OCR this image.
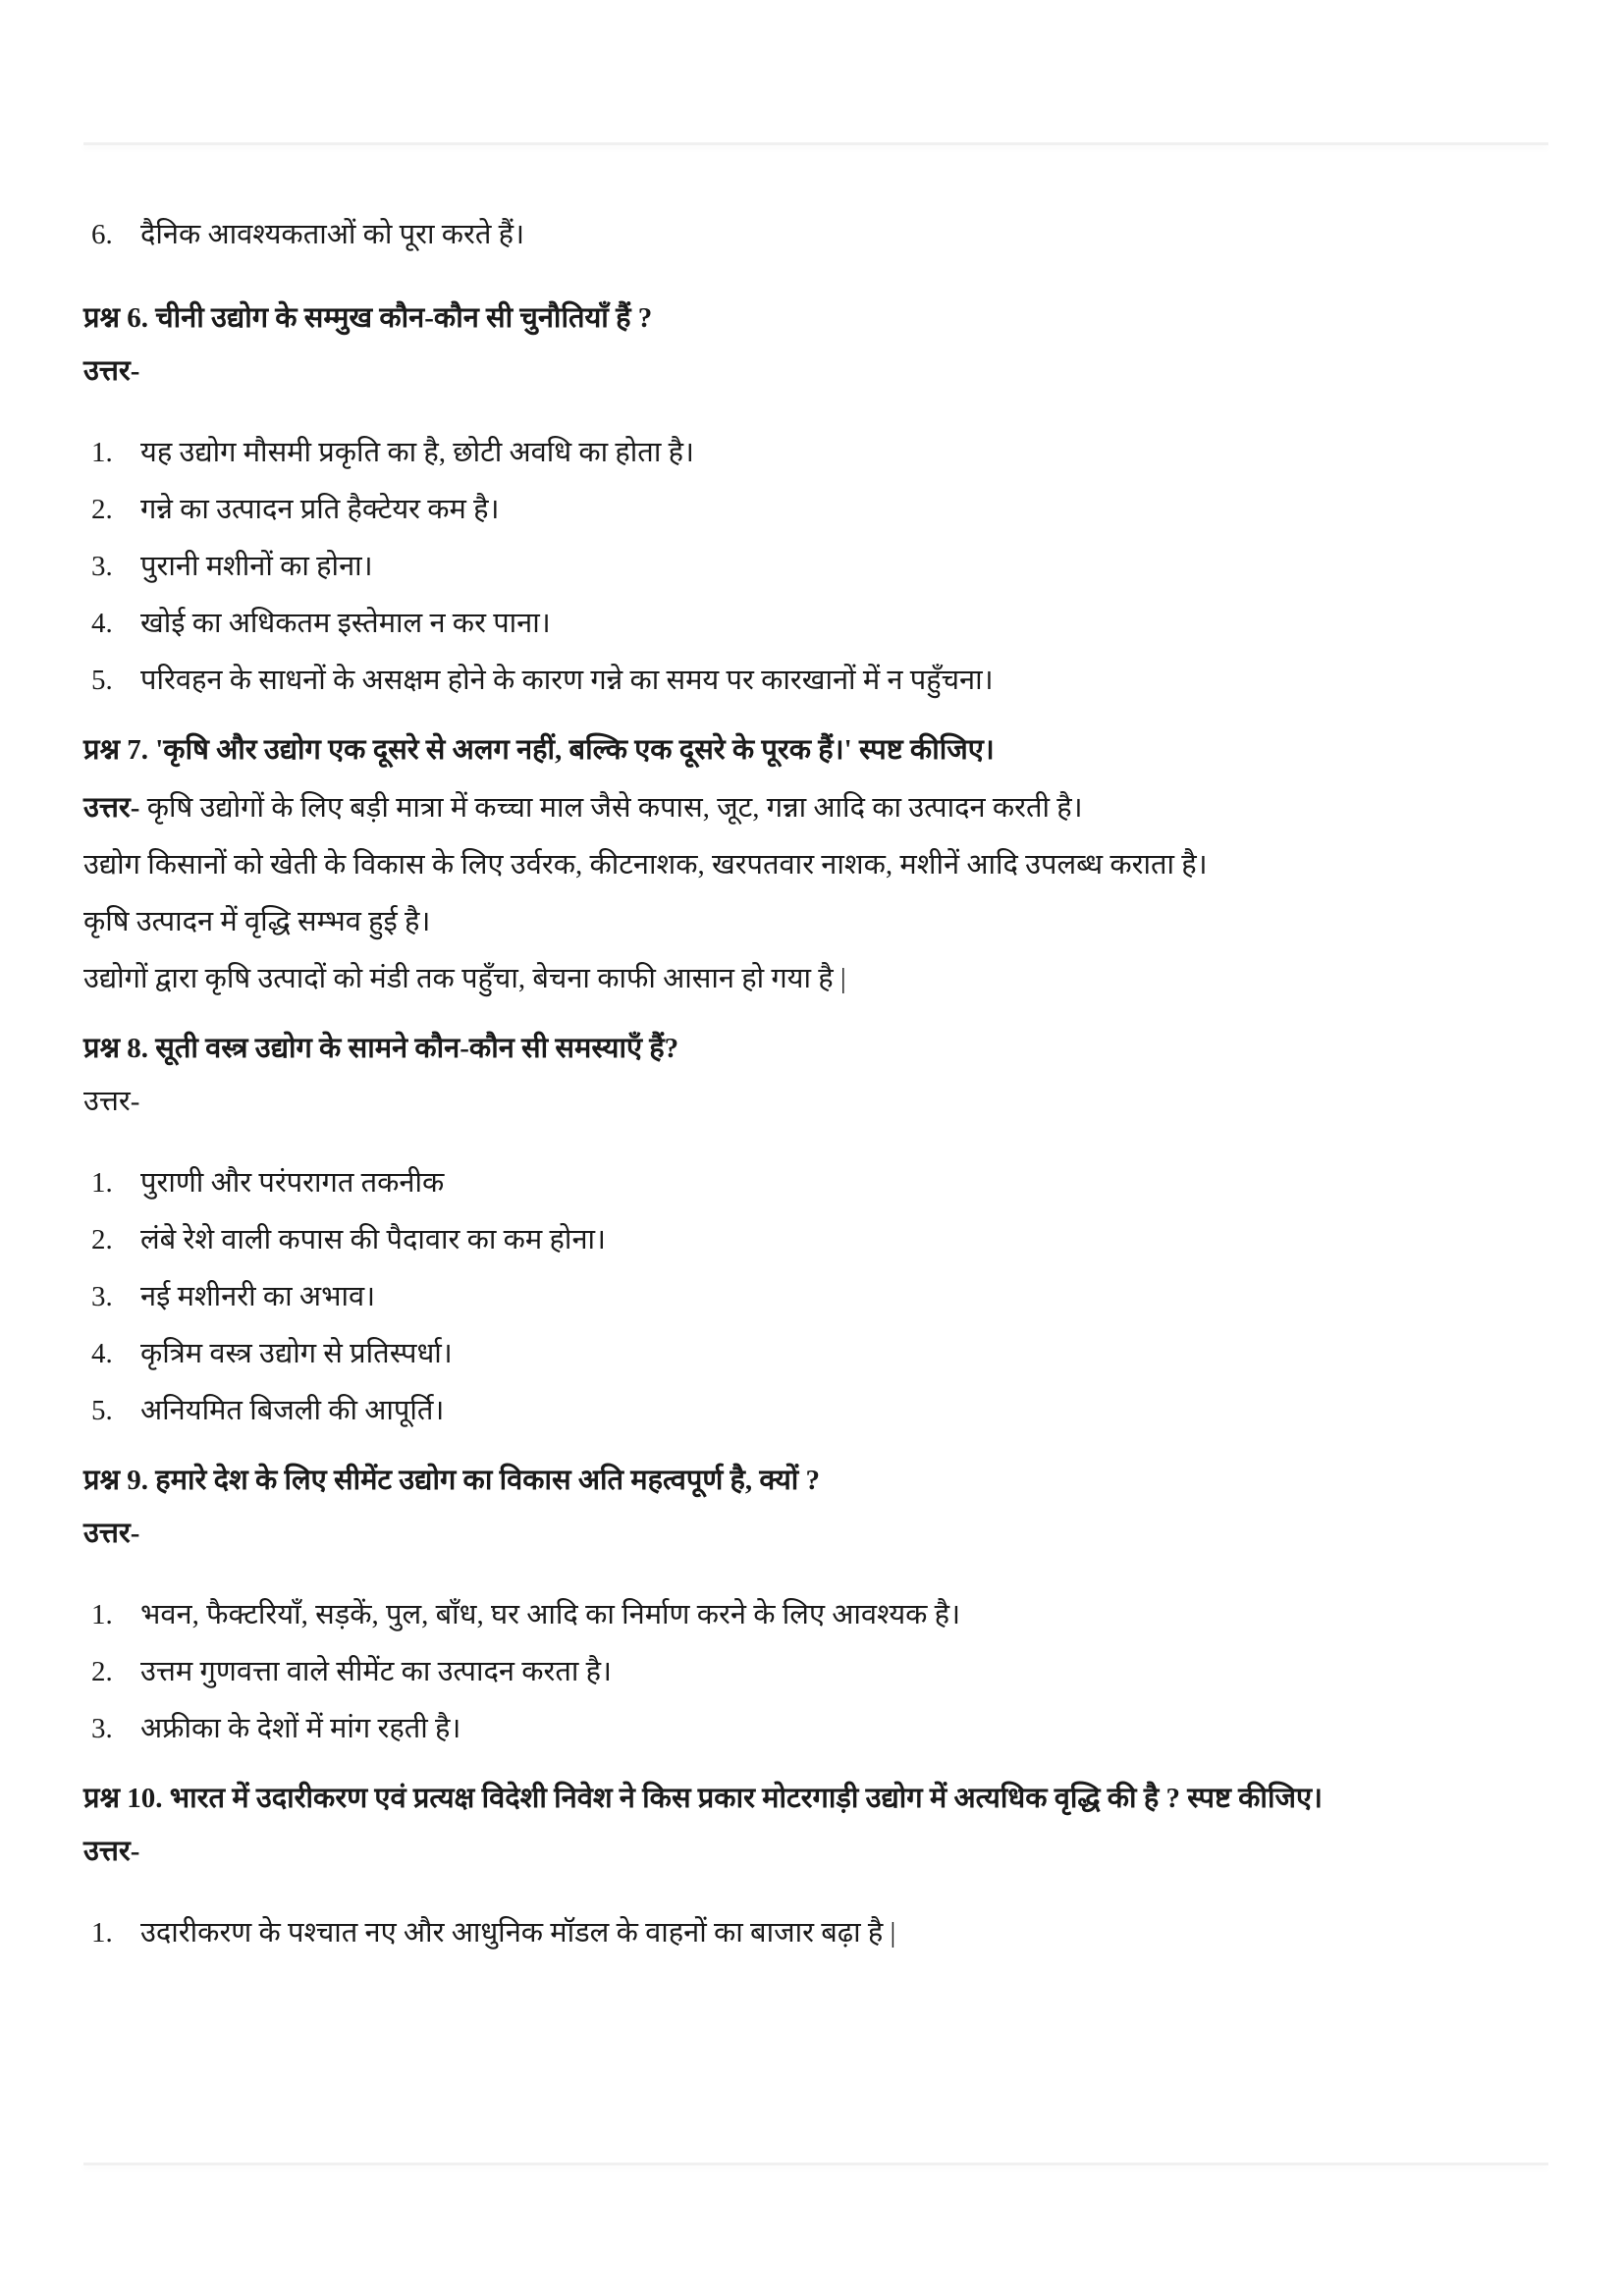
6. दैनिक आवश्यकताओं को पूरा करते हैं।

प्रश्न 6. चीनी उद्योग के सम्मुख कौन-कौन सी चुनौतियाँ हैं ?

उत्तर-

1. यह उद्योग मौसमी प्रकृति का है, छोटी अवधि का होता है।
2. गन्ने का उत्पादन प्रति हैक्टेयर कम है।
3. पुरानी मशीनों का होना।
4. खोई का अधिकतम इस्तेमाल न कर पाना।
5. परिवहन के साधनों के असक्षम होने के कारण गन्ने का समय पर कारखानों में न पहुँचना।

प्रश्न 7. 'कृषि और उद्योग एक दूसरे से अलग नहीं, बल्कि एक दूसरे के पूरक हैं।' स्पष्ट कीजिए।

उत्तर- कृषि उद्योगों के लिए बड़ी मात्रा में कच्चा माल जैसे कपास, जूट, गन्ना आदि का उत्पादन करती है।

उद्योग किसानों को खेती के विकास के लिए उर्वरक, कीटनाशक, खरपतवार नाशक, मशीनें आदि उपलब्ध कराता है।

कृषि उत्पादन में वृद्धि सम्भव हुई है।

उद्योगों द्वारा कृषि उत्पादों को मंडी तक पहुँचा, बेचना काफी आसान हो गया है |

प्रश्न 8. सूती वस्त्र उद्योग के सामने कौन-कौन सी समस्याएँ हैं?

उत्तर-

1. पुराणी और परंपरागत तकनीक
2. लंबे रेशे वाली कपास की पैदावार का कम होना।
3. नई मशीनरी का अभाव।
4. कृत्रिम वस्त्र उद्योग से प्रतिस्पर्धा।
5. अनियमित बिजली की आपूर्ति।

प्रश्न 9. हमारे देश के लिए सीमेंट उद्योग का विकास अति महत्वपूर्ण है, क्यों ?

उत्तर-

1. भवन, फैक्टरियाँ, सड़कें, पुल, बाँध, घर आदि का निर्माण करने के लिए आवश्यक है।
2. उत्तम गुणवत्ता वाले सीमेंट का उत्पादन करता है।
3. अफ्रीका के देशों में मांग रहती है।

प्रश्न 10. भारत में उदारीकरण एवं प्रत्यक्ष विदेशी निवेश ने किस प्रकार मोटरगाड़ी उद्योग में अत्यधिक वृद्धि की है ? स्पष्ट कीजिए।

उत्तर-

1. उदारीकरण के पश्चात नए और आधुनिक मॉडल के वाहनों का बाजार बढ़ा है |
